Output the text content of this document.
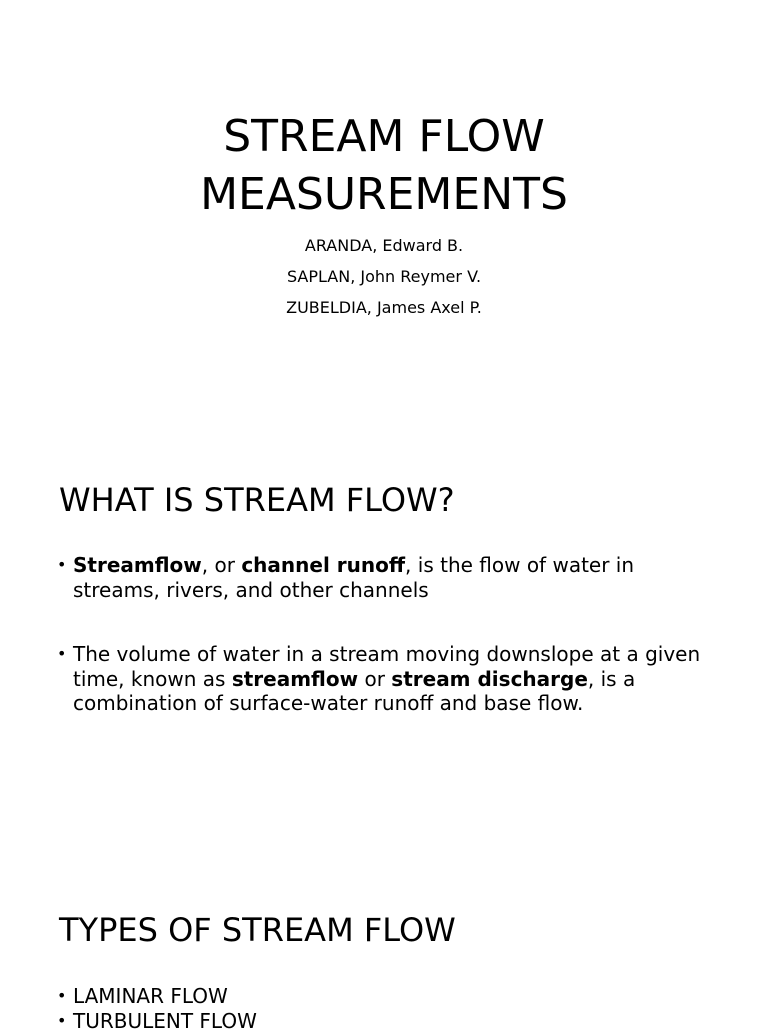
STREAM FLOW
MEASUREMENTS
ARANDA, Edward B.
SAPLAN, John Reymer V.
ZUBELDIA, James Axel P.
WHAT IS STREAM FLOW?
• Streamflow, or channel runoff, is the flow of water in streams, rivers, and other channels
• The volume of water in a stream moving downslope at a given time, known as streamflow or stream discharge, is a combination of surface-water runoff and base flow.
TYPES OF STREAM FLOW
• LAMINAR FLOW
• TURBULENT FLOW
